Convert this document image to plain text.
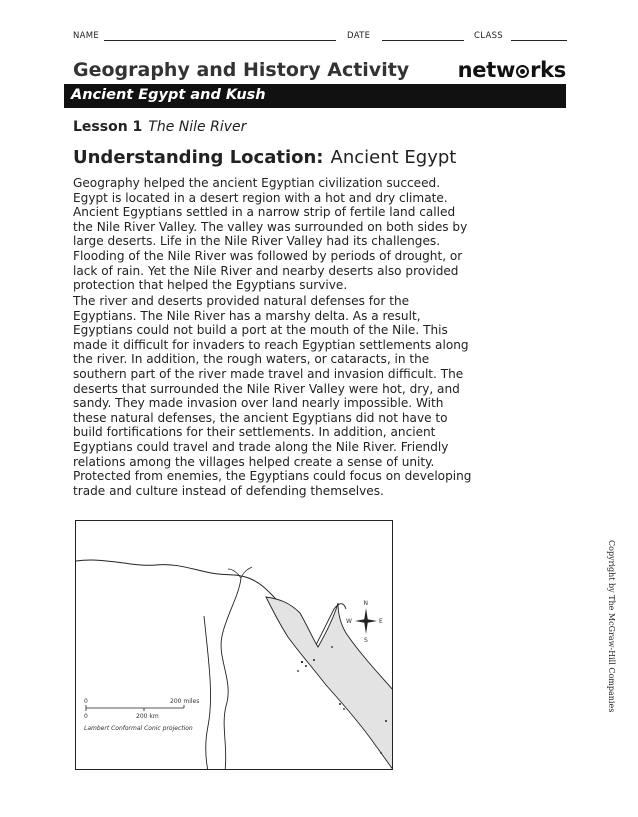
NAME	DATE	CLASS
Geography and History Activity netw rks
Ancient Egypt and Kush
Lesson 1 The Nile River
Understanding Location: Ancient Egypt

Geography helped the ancient Egyptian civilization succeed. Egypt is located in a desert region with a hot and dry climate. Ancient Egyptians settled in a narrow strip of fertile land called the Nile River Valley. The valley was surrounded on both sides by large deserts. Life in the Nile River Valley had its challenges. Flooding of the Nile River was followed by periods of drought, or lack of rain. Yet the Nile River and nearby deserts also provided protection that helped the Egyptians survive.

The river and deserts provided natural defenses for the Egyptians. The Nile River has a marshy delta. As a result, Egyptians could not build a port at the mouth of the Nile. This made it difficult for invaders to reach Egyptian settlements along the river. In addition, the rough waters, or cataracts, in the southern part of the river made travel and invasion difficult. The deserts that surrounded the Nile River Valley were hot, dry, and sandy. They made invasion over land nearly impossible. With these natural defenses, the ancient Egyptians did not have to build fortifications for their settlements. In addition, ancient Egyptians could travel and trade along the Nile River. Friendly relations among the villages helped create a sense of unity. Protected from enemies, the Egyptians could focus on developing trade and culture instead of defending themselves.

Copyright by The McGraw-Hill Companies
N
S
E
W
0	200 miles
0	200 km
Lambert Conformal Conic projection
